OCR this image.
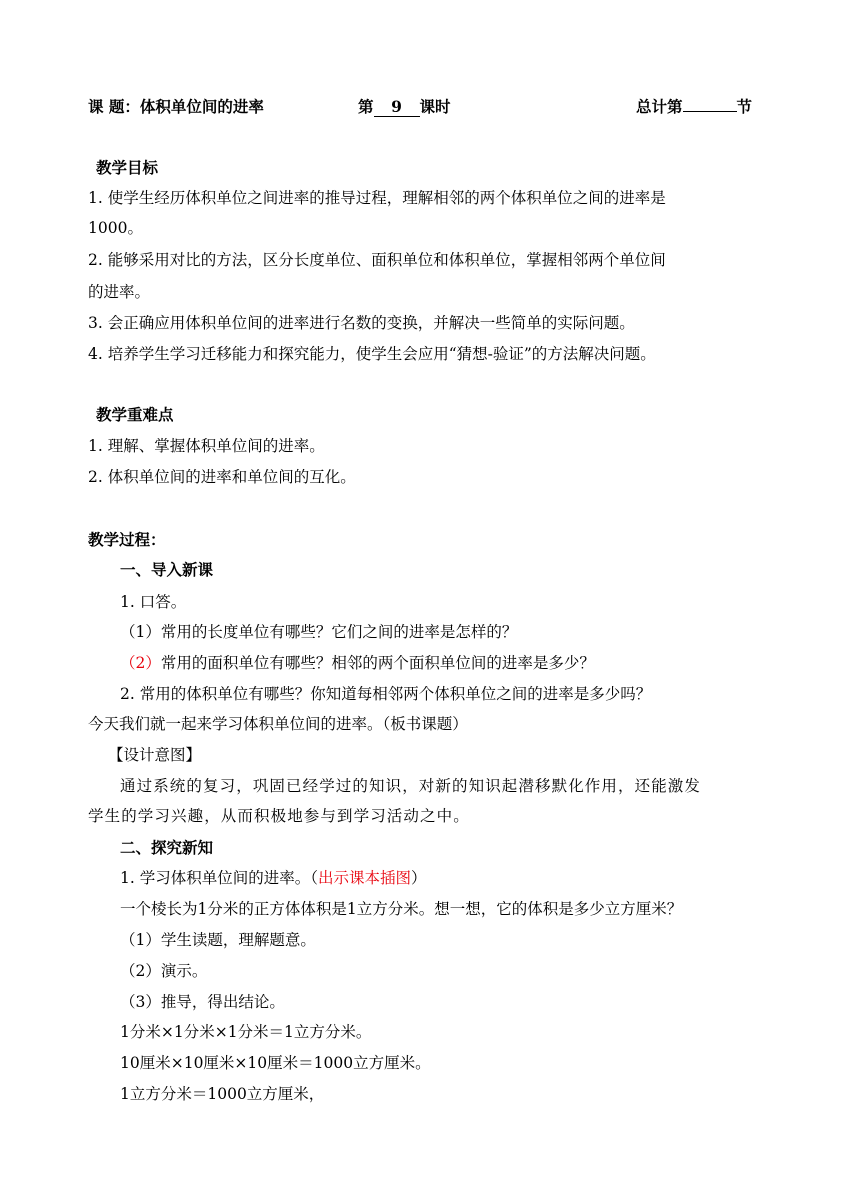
课 题：体积单位间的进率	第 9 课时	总计第	节
教学目标
1. 使学生经历体积单位之间进率的推导过程，理解相邻的两个体积单位之间的进率是
1000。
2. 能够采用对比的方法，区分长度单位、面积单位和体积单位，掌握相邻两个单位间
的进率。
3. 会正确应用体积单位间的进率进行名数的变换，并解决一些简单的实际问题。
4. 培养学生学习迁移能力和探究能力，使学生会应用“猜想-验证”的方法解决问题。
教学重难点
1. 理解、掌握体积单位间的进率。
2. 体积单位间的进率和单位间的互化。
教学过程：
一、导入新课
1. 口答。
（1）常用的长度单位有哪些？它们之间的进率是怎样的？
（2）常用的面积单位有哪些？相邻的两个面积单位间的进率是多少？
2. 常用的体积单位有哪些？你知道每相邻两个体积单位之间的进率是多少吗？
今天我们就一起来学习体积单位间的进率。（板书课题）
【设计意图】
通过系统的复习，巩固已经学过的知识，对新的知识起潜移默化作用，还能激发
学生的学习兴趣，从而积极地参与到学习活动之中。
二、探究新知
1. 学习体积单位间的进率。（出示课本插图）
一个棱长为1分米的正方体体积是1立方分米。想一想，它的体积是多少立方厘米？
（1）学生读题，理解题意。
（2）演示。
（3）推导，得出结论。
1分米×1分米×1分米＝1立方分米。
10厘米×10厘米×10厘米＝1000立方厘米。
1立方分米＝1000立方厘米，
